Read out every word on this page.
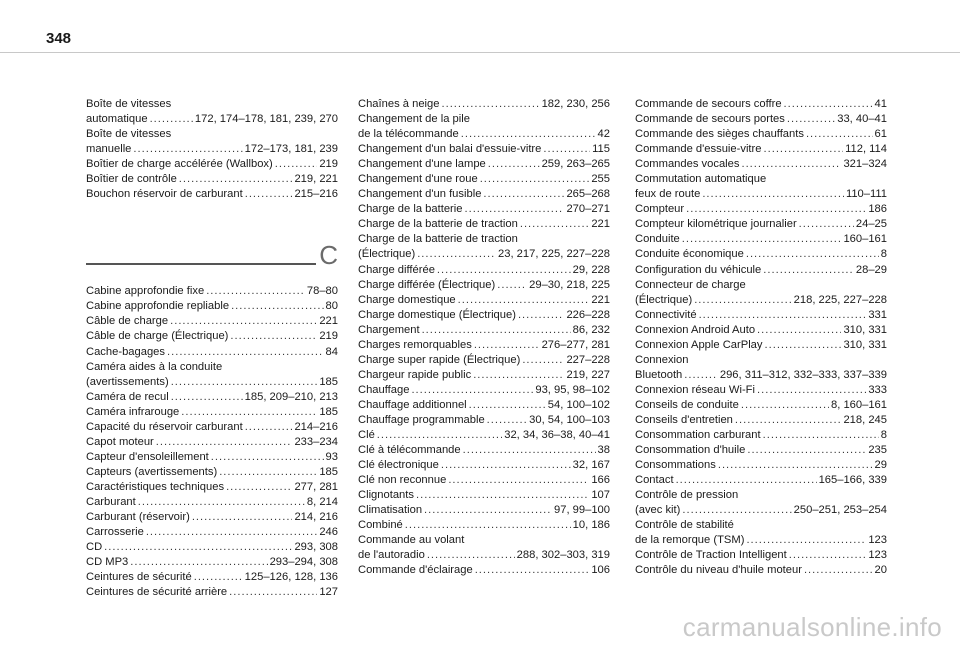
348
Boîte de vitesses
automatique .....	172, 174–178, 181, 239, 270
Boîte de vitesses
manuelle .....	172–173, 181, 239
Boîtier de charge accélérée (Wallbox) .....	219
Boîtier de contrôle .....	219, 221
Bouchon réservoir de carburant .....	215–216
C
Cabine approfondie fixe .....	78–80
Cabine approfondie repliable .....	80
Câble de charge .....	221
Câble de charge (Électrique) .....	219
Cache-bagages .....	84
Caméra aides à la conduite
(avertissements) .....	185
Caméra de recul .....	185, 209–210, 213
Caméra infrarouge .....	185
Capacité du réservoir carburant .....	214–216
Capot moteur .....	233–234
Capteur d'ensoleillement .....	93
Capteurs (avertissements) .....	185
Caractéristiques techniques .....	277, 281
Carburant .....	8, 214
Carburant (réservoir) .....	214, 216
Carrosserie .....	246
CD .....	293, 308
CD MP3 .....	293–294, 308
Ceintures de sécurité .....	125–126, 128, 136
Ceintures de sécurité arrière .....	127
Chaînes à neige .....	182, 230, 256
Changement de la pile
de la télécommande .....	42
Changement d'un balai d'essuie-vitre .....	115
Changement d'une lampe .....	259, 263–265
Changement d'une roue .....	255
Changement d'un fusible .....	265–268
Charge de la batterie .....	270–271
Charge de la batterie de traction .....	221
Charge de la batterie de traction
(Électrique) .....	23, 217, 225, 227–228
Charge différée .....	29, 228
Charge différée (Électrique) .....	29–30, 218, 225
Charge domestique .....	221
Charge domestique (Électrique) .....	226–228
Chargement .....	86, 232
Charges remorquables .....	276–277, 281
Charge super rapide (Électrique) .....	227–228
Chargeur rapide public .....	219, 227
Chauffage .....	93, 95, 98–102
Chauffage additionnel .....	54, 100–102
Chauffage programmable .....	30, 54, 100–103
Clé .....	32, 34, 36–38, 40–41
Clé à télécommande .....	38
Clé électronique .....	32, 167
Clé non reconnue .....	166
Clignotants .....	107
Climatisation .....	97, 99–100
Combiné .....	10, 186
Commande au volant
de l'autoradio .....	288, 302–303, 319
Commande d'éclairage .....	106
Commande de secours coffre .....	41
Commande de secours portes .....	33, 40–41
Commande des sièges chauffants .....	61
Commande d'essuie-vitre .....	112, 114
Commandes vocales .....	321–324
Commutation automatique
feux de route .....	110–111
Compteur .....	186
Compteur kilométrique journalier .....	24–25
Conduite .....	160–161
Conduite économique .....	8
Configuration du véhicule .....	28–29
Connecteur de charge
(Électrique) .....	218, 225, 227–228
Connectivité .....	331
Connexion Android Auto .....	310, 331
Connexion Apple CarPlay .....	310, 331
Connexion
Bluetooth .....	296, 311–312, 332–333, 337–339
Connexion réseau Wi-Fi .....	333
Conseils de conduite .....	8, 160–161
Conseils d'entretien .....	218, 245
Consommation carburant .....	8
Consommation d'huile .....	235
Consommations .....	29
Contact .....	165–166, 339
Contrôle de pression
(avec kit) .....	250–251, 253–254
Contrôle de stabilité
de la remorque (TSM) .....	123
Contrôle de Traction Intelligent .....	123
Contrôle du niveau d'huile moteur .....	20
carmanualsonline.info
